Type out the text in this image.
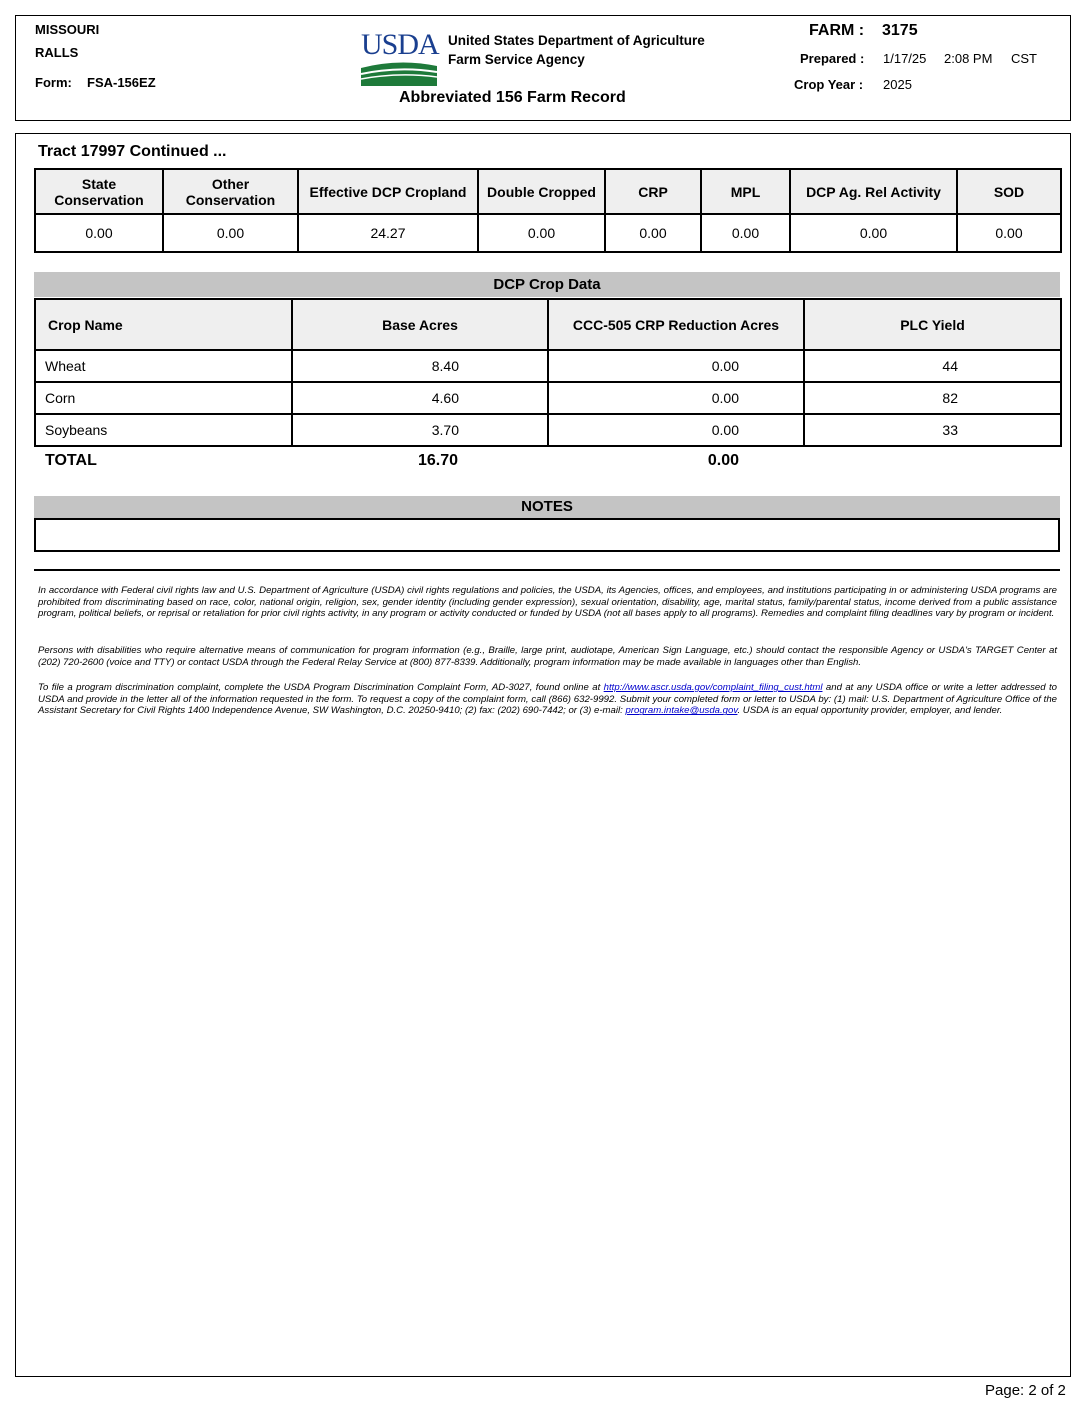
MISSOURI
RALLS
Form: FSA-156EZ
USDA United States Department of Agriculture
Farm Service Agency
Abbreviated 156 Farm Record
FARM : 3175
Prepared : 1/17/25 2:08 PM CST
Crop Year : 2025
Tract 17997 Continued ...
State Conservation	Other Conservation	Effective DCP Cropland	Double Cropped	CRP	MPL	DCP Ag. Rel Activity	SOD
0.00	0.00	24.27	0.00	0.00	0.00	0.00	0.00
DCP Crop Data
Crop Name	Base Acres	CCC-505 CRP Reduction Acres	PLC Yield
Wheat	8.40	0.00	44
Corn	4.60	0.00	82
Soybeans	3.70	0.00	33
TOTAL	16.70	0.00
NOTES
In accordance with Federal civil rights law and U.S. Department of Agriculture (USDA) civil rights regulations and policies, the USDA, its Agencies, offices, and employees, and institutions participating in or administering USDA programs are prohibited from discriminating based on race, color, national origin, religion, sex, gender identity (including gender expression), sexual orientation, disability, age, marital status, family/parental status, income derived from a public assistance program, political beliefs, or reprisal or retaliation for prior civil rights activity, in any program or activity conducted or funded by USDA (not all bases apply to all programs). Remedies and complaint filing deadlines vary by program or incident.
Persons with disabilities who require alternative means of communication for program information (e.g., Braille, large print, audiotape, American Sign Language, etc.) should contact the responsible Agency or USDA's TARGET Center at (202) 720-2600 (voice and TTY) or contact USDA through the Federal Relay Service at (800) 877-8339. Additionally, program information may be made available in languages other than English.
To file a program discrimination complaint, complete the USDA Program Discrimination Complaint Form, AD-3027, found online at http://www.ascr.usda.gov/complaint_filing_cust.html and at any USDA office or write a letter addressed to USDA and provide in the letter all of the information requested in the form. To request a copy of the complaint form, call (866) 632-9992. Submit your completed form or letter to USDA by: (1) mail: U.S. Department of Agriculture Office of the Assistant Secretary for Civil Rights 1400 Independence Avenue, SW Washington, D.C. 20250-9410; (2) fax: (202) 690-7442; or (3) e-mail: program.intake@usda.gov. USDA is an equal opportunity provider, employer, and lender.
Page: 2 of 2
